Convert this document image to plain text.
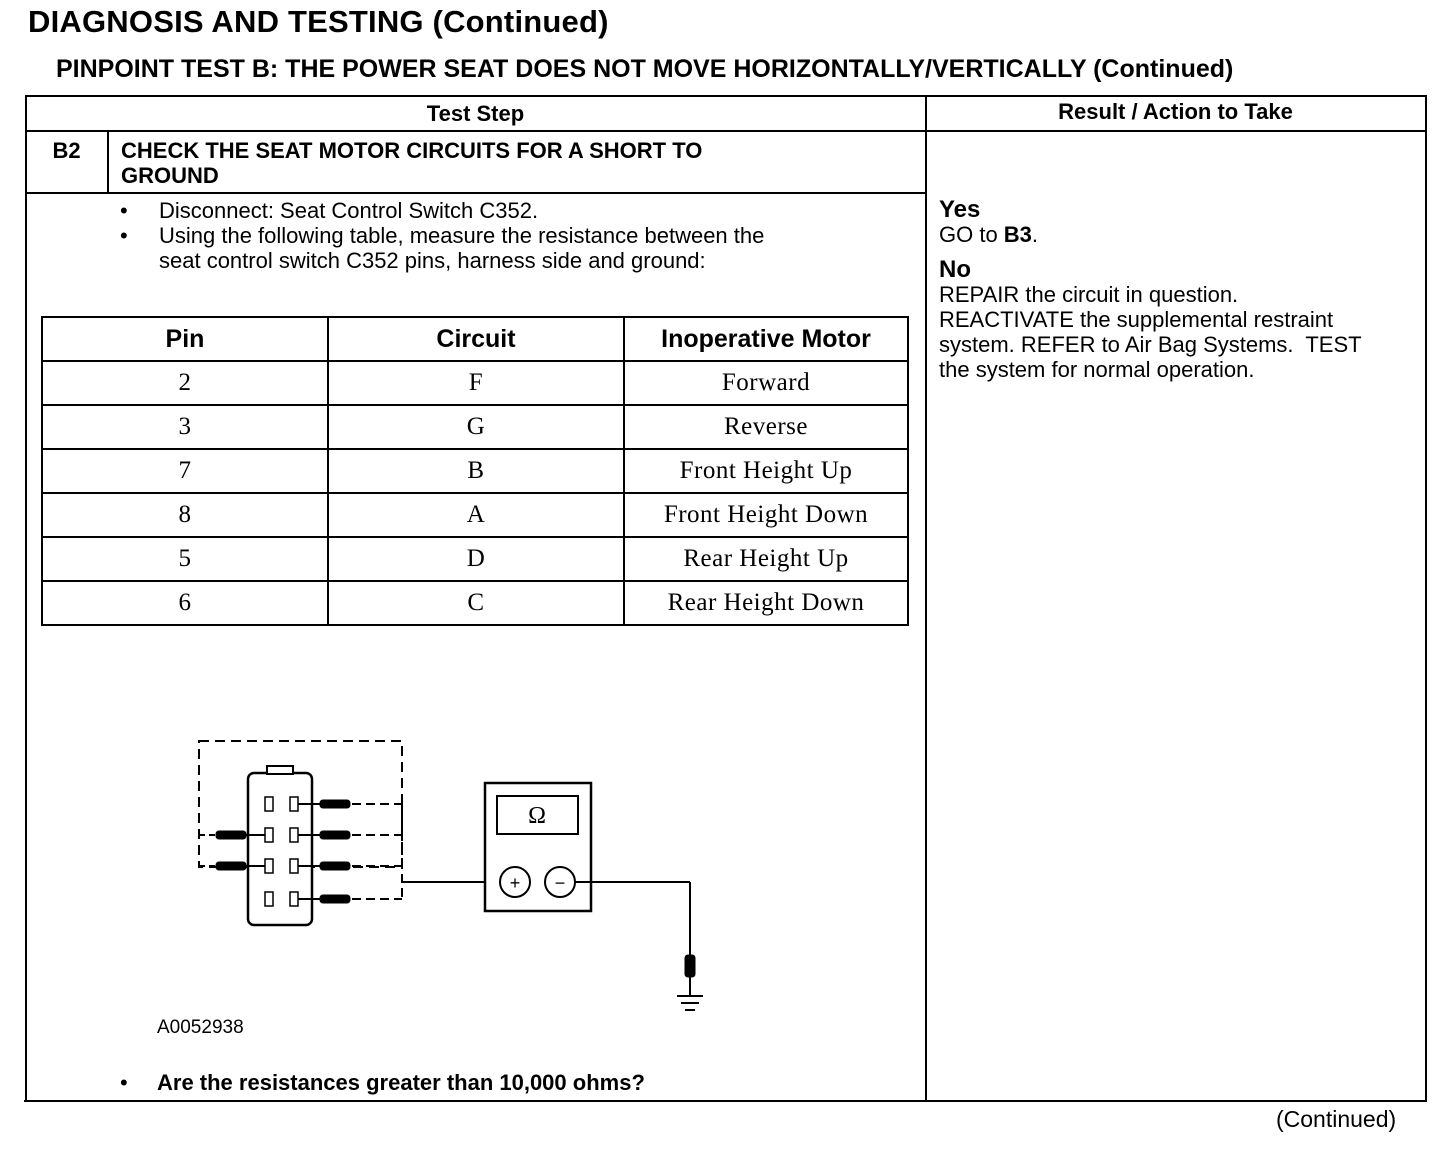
DIAGNOSIS AND TESTING (Continued)
PINPOINT TEST B: THE POWER SEAT DOES NOT MOVE HORIZONTALLY/VERTICALLY (Continued)
Test Step	Result / Action to Take
B2	CHECK THE SEAT MOTOR CIRCUITS FOR A SHORT TO
GROUND
• Disconnect: Seat Control Switch C352.
• Using the following table, measure the resistance between the
seat control switch C352 pins, harness side and ground:
Pin	Circuit	Inoperative Motor
2	F	Forward
3	G	Reverse
7	B	Front Height Up
8	A	Front Height Down
5	D	Rear Height Up
6	C	Rear Height Down
Ω
+ −
A0052938
• Are the resistances greater than 10,000 ohms?
Yes
GO to B3.
No
REPAIR the circuit in question.
REACTIVATE the supplemental restraint
system. REFER to Air Bag Systems.  TEST
the system for normal operation.
(Continued)
